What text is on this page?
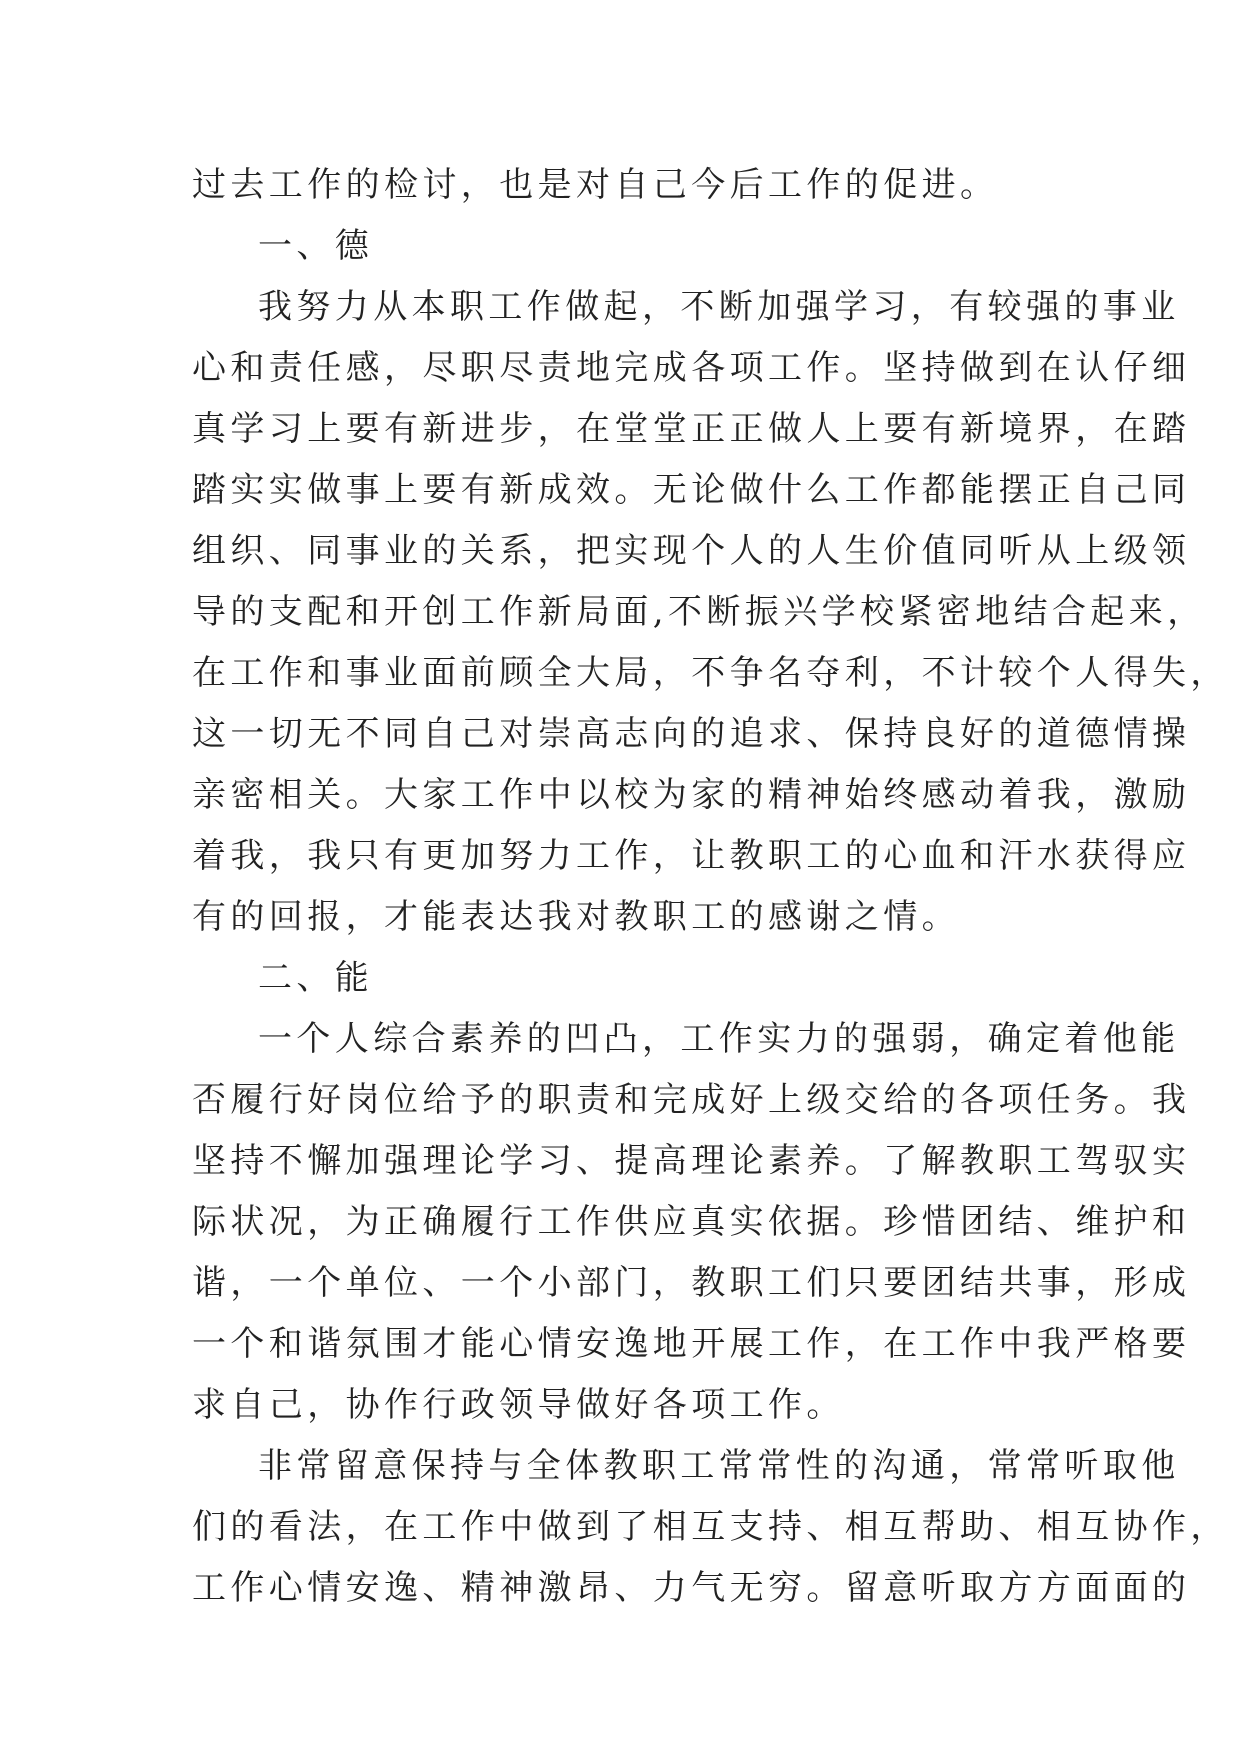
过去工作的检讨，也是对自己今后工作的促进。
一、德
我努力从本职工作做起，不断加强学习，有较强的事业
心和责任感，尽职尽责地完成各项工作。坚持做到在认仔细
真学习上要有新进步，在堂堂正正做人上要有新境界，在踏
踏实实做事上要有新成效。无论做什么工作都能摆正自己同
组织、同事业的关系，把实现个人的人生价值同听从上级领
导的支配和开创工作新局面,不断振兴学校紧密地结合起来，
在工作和事业面前顾全大局，不争名夺利，不计较个人得失，
这一切无不同自己对崇高志向的追求、保持良好的道德情操
亲密相关。大家工作中以校为家的精神始终感动着我，激励
着我，我只有更加努力工作，让教职工的心血和汗水获得应
有的回报，才能表达我对教职工的感谢之情。
二、能
一个人综合素养的凹凸，工作实力的强弱，确定着他能
否履行好岗位给予的职责和完成好上级交给的各项任务。我
坚持不懈加强理论学习、提高理论素养。了解教职工驾驭实
际状况，为正确履行工作供应真实依据。珍惜团结、维护和
谐，一个单位、一个小部门，教职工们只要团结共事，形成
一个和谐氛围才能心情安逸地开展工作，在工作中我严格要
求自己，协作行政领导做好各项工作。
非常留意保持与全体教职工常常性的沟通，常常听取他
们的看法，在工作中做到了相互支持、相互帮助、相互协作，
工作心情安逸、精神激昂、力气无穷。留意听取方方面面的
